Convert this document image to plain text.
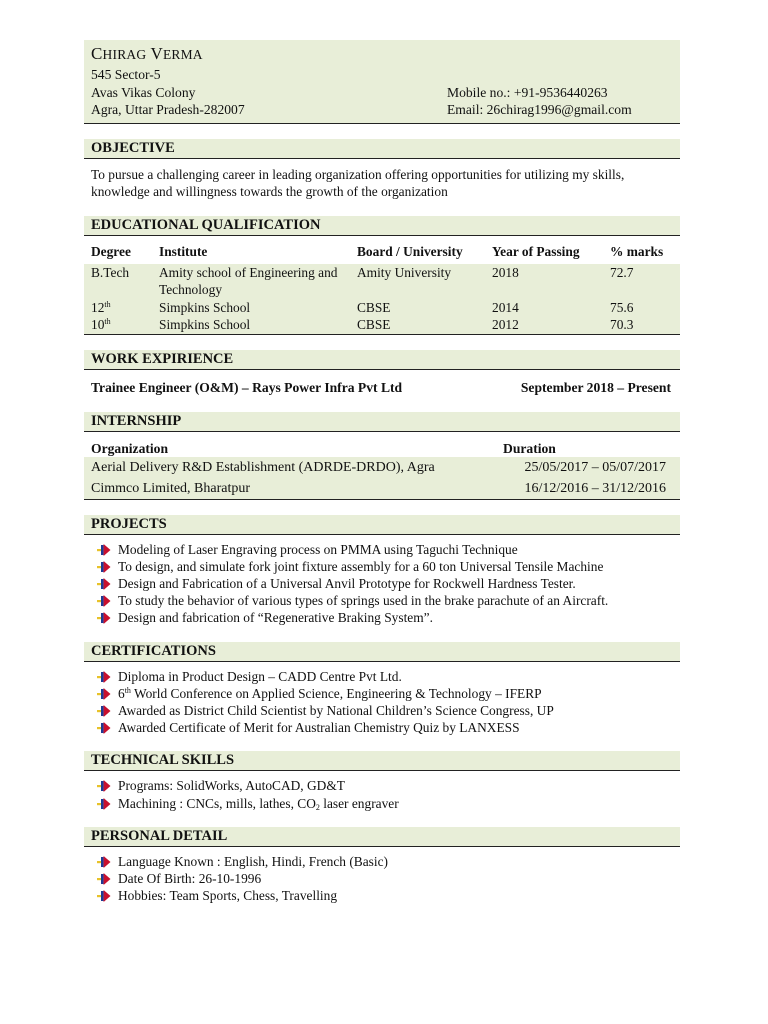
CHIRAG VERMA
545 Sector-5
Avas Vikas Colony	Mobile no.: +91-9536440263
Agra, Uttar Pradesh-282007	Email: 26chirag1996@gmail.com
OBJECTIVE
To pursue a challenging career in leading organization offering opportunities for utilizing my skills, knowledge and willingness towards the growth of the organization
EDUCATIONAL QUALIFICATION
Degree	Institute	Board / University	Year of Passing	% marks
B.Tech	Amity school of Engineering and Technology	Amity University	2018	72.7
12th	Simpkins School	CBSE	2014	75.6
10th	Simpkins School	CBSE	2012	70.3
WORK EXPIRIENCE
Trainee Engineer (O&M) – Rays Power Infra Pvt Ltd	September 2018 – Present
INTERNSHIP
Organization	Duration
Aerial Delivery R&D Establishment (ADRDE-DRDO), Agra	25/05/2017 – 05/07/2017
Cimmco Limited, Bharatpur	16/12/2016 – 31/12/2016
PROJECTS
Modeling of Laser Engraving process on PMMA using Taguchi Technique
To design, and simulate fork joint fixture assembly for a 60 ton Universal Tensile Machine
Design and Fabrication of a Universal Anvil Prototype for Rockwell Hardness Tester.
To study the behavior of various types of springs used in the brake parachute of an Aircraft.
Design and fabrication of “Regenerative Braking System”.
CERTIFICATIONS
Diploma in Product Design – CADD Centre Pvt Ltd.
6th World Conference on Applied Science, Engineering & Technology – IFERP
Awarded as District Child Scientist by National Children’s Science Congress, UP
Awarded Certificate of Merit for Australian Chemistry Quiz by LANXESS
TECHNICAL SKILLS
Programs: SolidWorks, AutoCAD, GD&T
Machining : CNCs, mills, lathes, $CO_2$ laser engraver
PERSONAL DETAIL
Language Known : English, Hindi, French (Basic)
Date Of Birth: 26-10-1996
Hobbies: Team Sports, Chess, Travelling
